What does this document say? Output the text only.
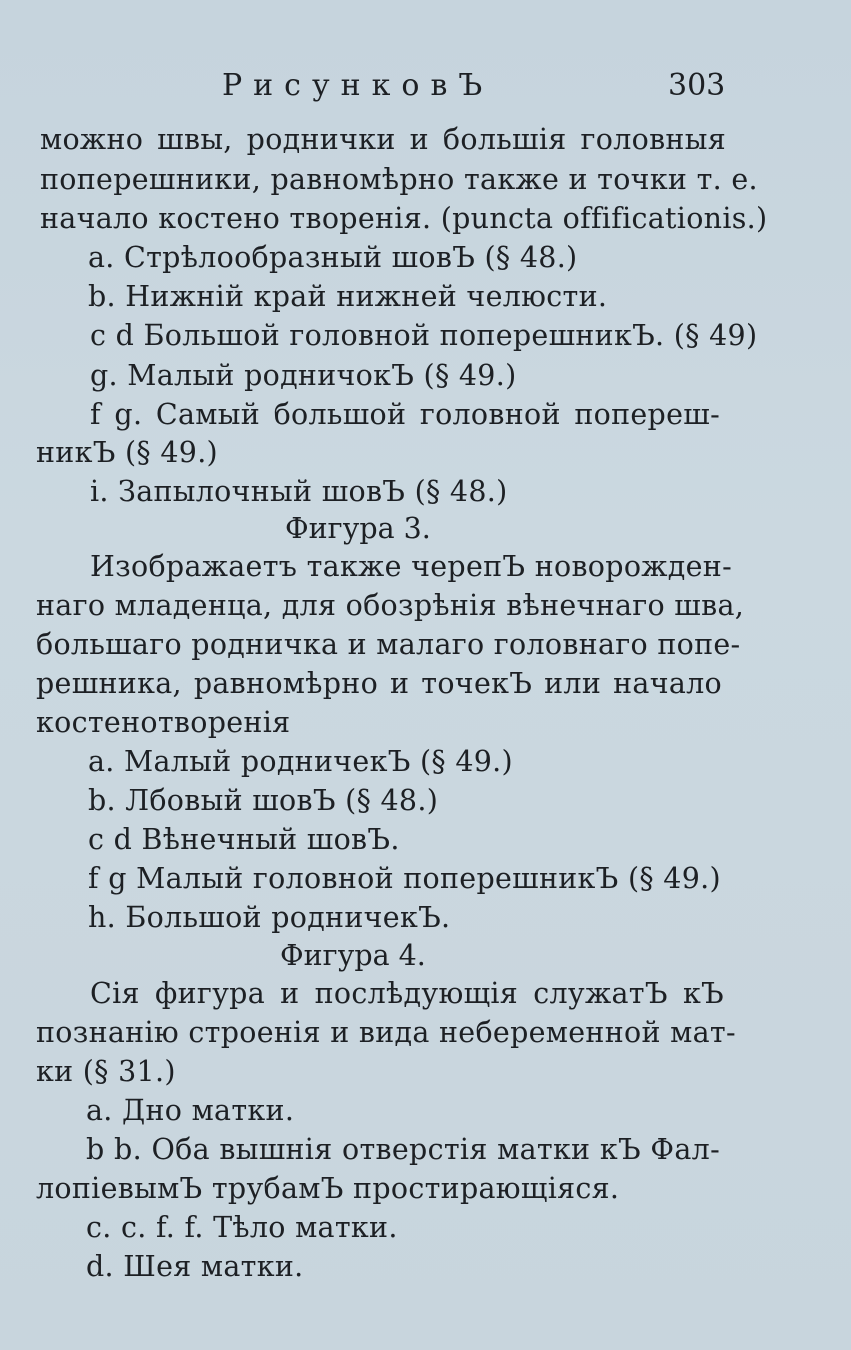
РисунковЪ	303
можно швы, роднички и большія головныя
поперешники, равномѣрно также и точки т. е.
начало костено творенія. (puncta offificationis.)
a. Стрѣлообразный шовЪ (§ 48.)
b. Нижній край нижней челюсти.
c d Большой головной поперешникЪ. (§ 49)
g. Малый родничокЪ (§ 49.)
f g. Самый большой головной попереш-
никЪ (§ 49.)
i. Запылочный шовЪ (§ 48.)
Фигура 3.
Изображаетъ также черепЪ новорожден-
наго младенца, для обозрѣнія вѣнечнаго шва,
большаго родничка и малаго головнаго попе-
решника, равномѣрно и точекЪ или начало
костенотворенія
a. Малый родничекЪ (§ 49.)
b. Лбовый шовЪ (§ 48.)
c d Вѣнечный шовЪ.
f g Малый головной поперешникЪ (§ 49.)
h. Большой родничекЪ.
Фигура 4.
Сія фигура и послѣдующія служатЪ кЪ
познанію строенія и вида небеременной мат-
ки (§ 31.)
a. Дно матки.
b b. Оба вышнія отверстія матки кЪ Фал-
лопіевымЪ трубамЪ простирающіяся.
c. c. f. f. Тѣло матки.
d. Шея матки.
